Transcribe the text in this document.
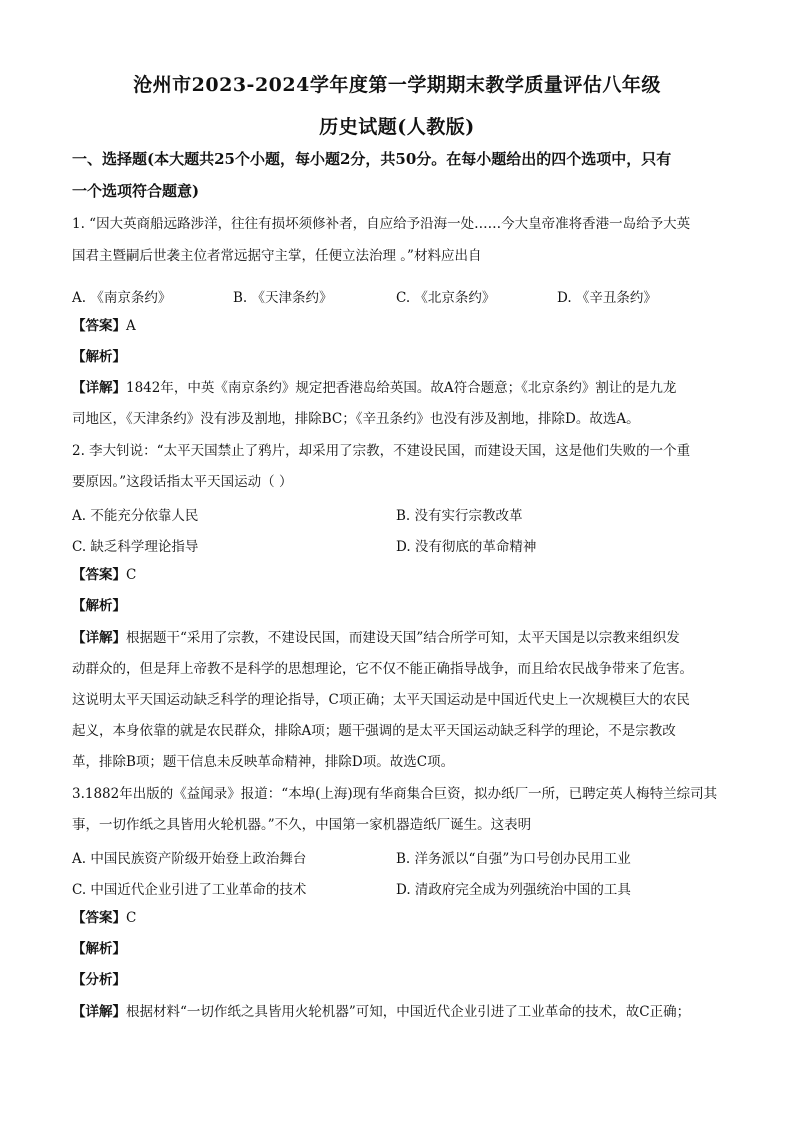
沧州市2023-2024学年度第一学期期末教学质量评估八年级
历史试题(人教版)
一、选择题(本大题共25个小题，每小题2分，共50分。在每小题给出的四个选项中，只有
一个选项符合题意)
1. “因大英商船远路涉洋，往往有损坏须修补者，自应给予沿海一处……今大皇帝准将香港一岛给予大英
国君主暨嗣后世袭主位者常远据守主掌，任便立法治理 。”材料应出自
A. 《南京条约》	B. 《天津条约》	C. 《北京条约》	D. 《辛丑条约》
【答案】A
【解析】
【详解】1842年，中英《南京条约》规定把香港岛给英国。故A符合题意；《北京条约》割让的是九龙
司地区，《天津条约》没有涉及割地，排除BC；《辛丑条约》也没有涉及割地，排除D。故选A。
2. 李大钊说：“太平天国禁止了鸦片，却采用了宗教，不建设民国，而建设天国，这是他们失败的一个重
要原因。”这段话指太平天国运动（ ）
A. 不能充分依靠人民	B. 没有实行宗教改革
C. 缺乏科学理论指导	D. 没有彻底的革命精神
【答案】C
【解析】
【详解】根据题干“采用了宗教，不建设民国，而建设天国”结合所学可知，太平天国是以宗教来组织发
动群众的，但是拜上帝教不是科学的思想理论，它不仅不能正确指导战争，而且给农民战争带来了危害。
这说明太平天国运动缺乏科学的理论指导，C项正确；太平天国运动是中国近代史上一次规模巨大的农民
起义，本身依靠的就是农民群众，排除A项；题干强调的是太平天国运动缺乏科学的理论，不是宗教改
革，排除B项；题干信息未反映革命精神，排除D项。故选C项。
3.1882年出版的《益闻录》报道：“本埠(上海)现有华商集合巨资，拟办纸厂一所，已聘定英人梅特兰综司其
事，一切作纸之具皆用火轮机器。”不久，中国第一家机器造纸厂诞生。这表明
A. 中国民族资产阶级开始登上政治舞台	B. 洋务派以“自强”为口号创办民用工业
C. 中国近代企业引进了工业革命的技术	D. 清政府完全成为列强统治中国的工具
【答案】C
【解析】
【分析】
【详解】根据材料“一切作纸之具皆用火轮机器”可知，中国近代企业引进了工业革命的技术，故C正确；
